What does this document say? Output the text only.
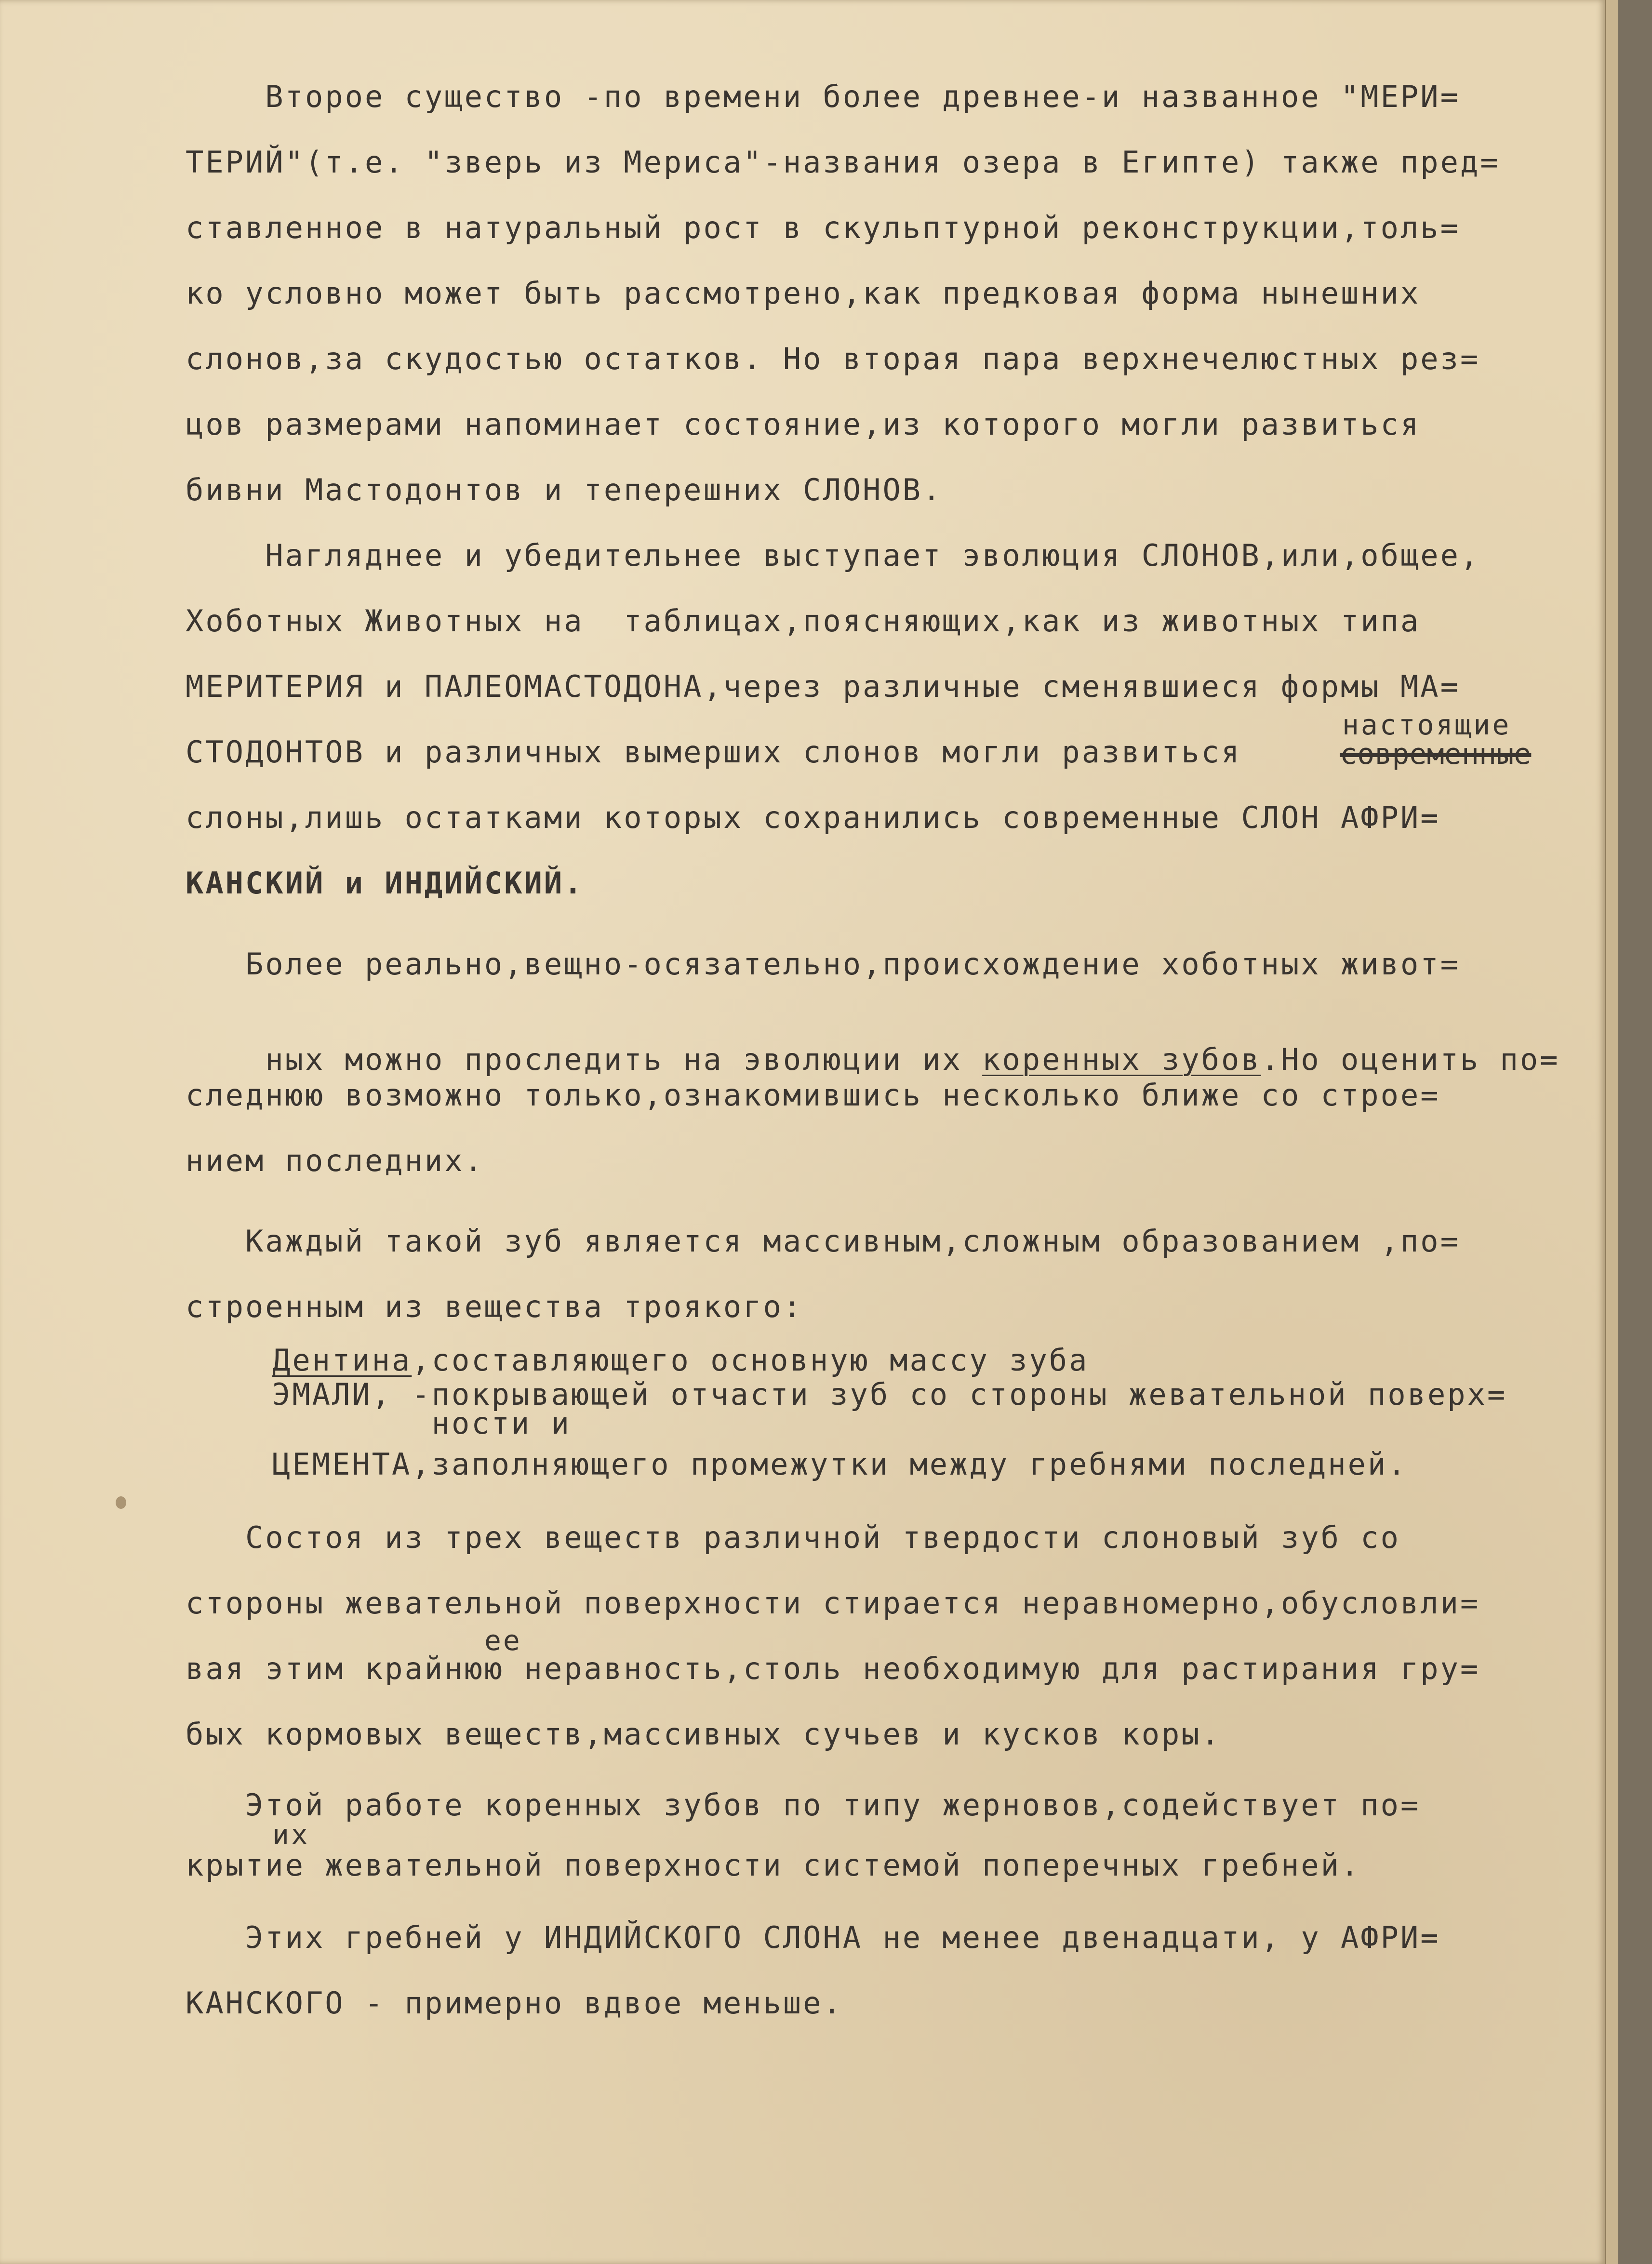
Второе существо -по времени более древнее-и названное "МЕРИ=

ТЕРИЙ"(т.е. "зверь из Мериса"-названия озера в Египте) также пред=

ставленное в натуральный рост в скульптурной реконструкции,толь=

ко условно может быть рассмотрено,как предковая форма нынешних

слонов,за скудостью остатков. Но вторая пара верхнечелюстных рез=

цов размерами напоминает состояние,из которого могли развиться

бивни Мастодонтов и теперешних СЛОНОВ.

Нагляднее и убедительнее выступает эволюция СЛОНОВ,или,общее,

Хоботных Животных на  таблицах,поясняющих,как из животных типа

МЕРИТЕРИЯ и ПАЛЕОМАСТОДОНА,через различные сменявшиеся формы МА=

настоящие

СТОДОНТОВ и различных вымерших слонов могли развиться

	современные

слоны,лишь остатками которых сохранились современные СЛОН АФРИ=

КАНСКИЙ и ИНДИЙСКИЙ.

Более реально,вещно-осязательно,происхождение хоботных живот=

ных можно проследить на эволюции их коренных зубов.Но оценить по=

следнюю возможно только,ознакомившись несколько ближе со строе=

нием последних.

Каждый такой зуб является массивным,сложным образованием ,по=

строенным из вещества троякого:

Дентина,составляющего основную массу зуба

ЭМАЛИ, -покрывающей отчасти зуб со стороны жевательной поверх=

ности и

ЦЕМЕНТА,заполняющего промежутки между гребнями последней.

Состоя из трех веществ различной твердости слоновый зуб со

стороны жевательной поверхности стирается неравномерно,обусловли=

ее

вая этим крайнюю неравность,столь необходимую для растирания гру=

бых кормовых веществ,массивных сучьев и кусков коры.

Этой работе коренных зубов по типу жерновов,содействует по=

их

крытие жевательной поверхности системой поперечных гребней.

Этих гребней у ИНДИЙСКОГО СЛОНА не менее двенадцати, у АФРИ=

КАНСКОГО - примерно вдвое меньше.
